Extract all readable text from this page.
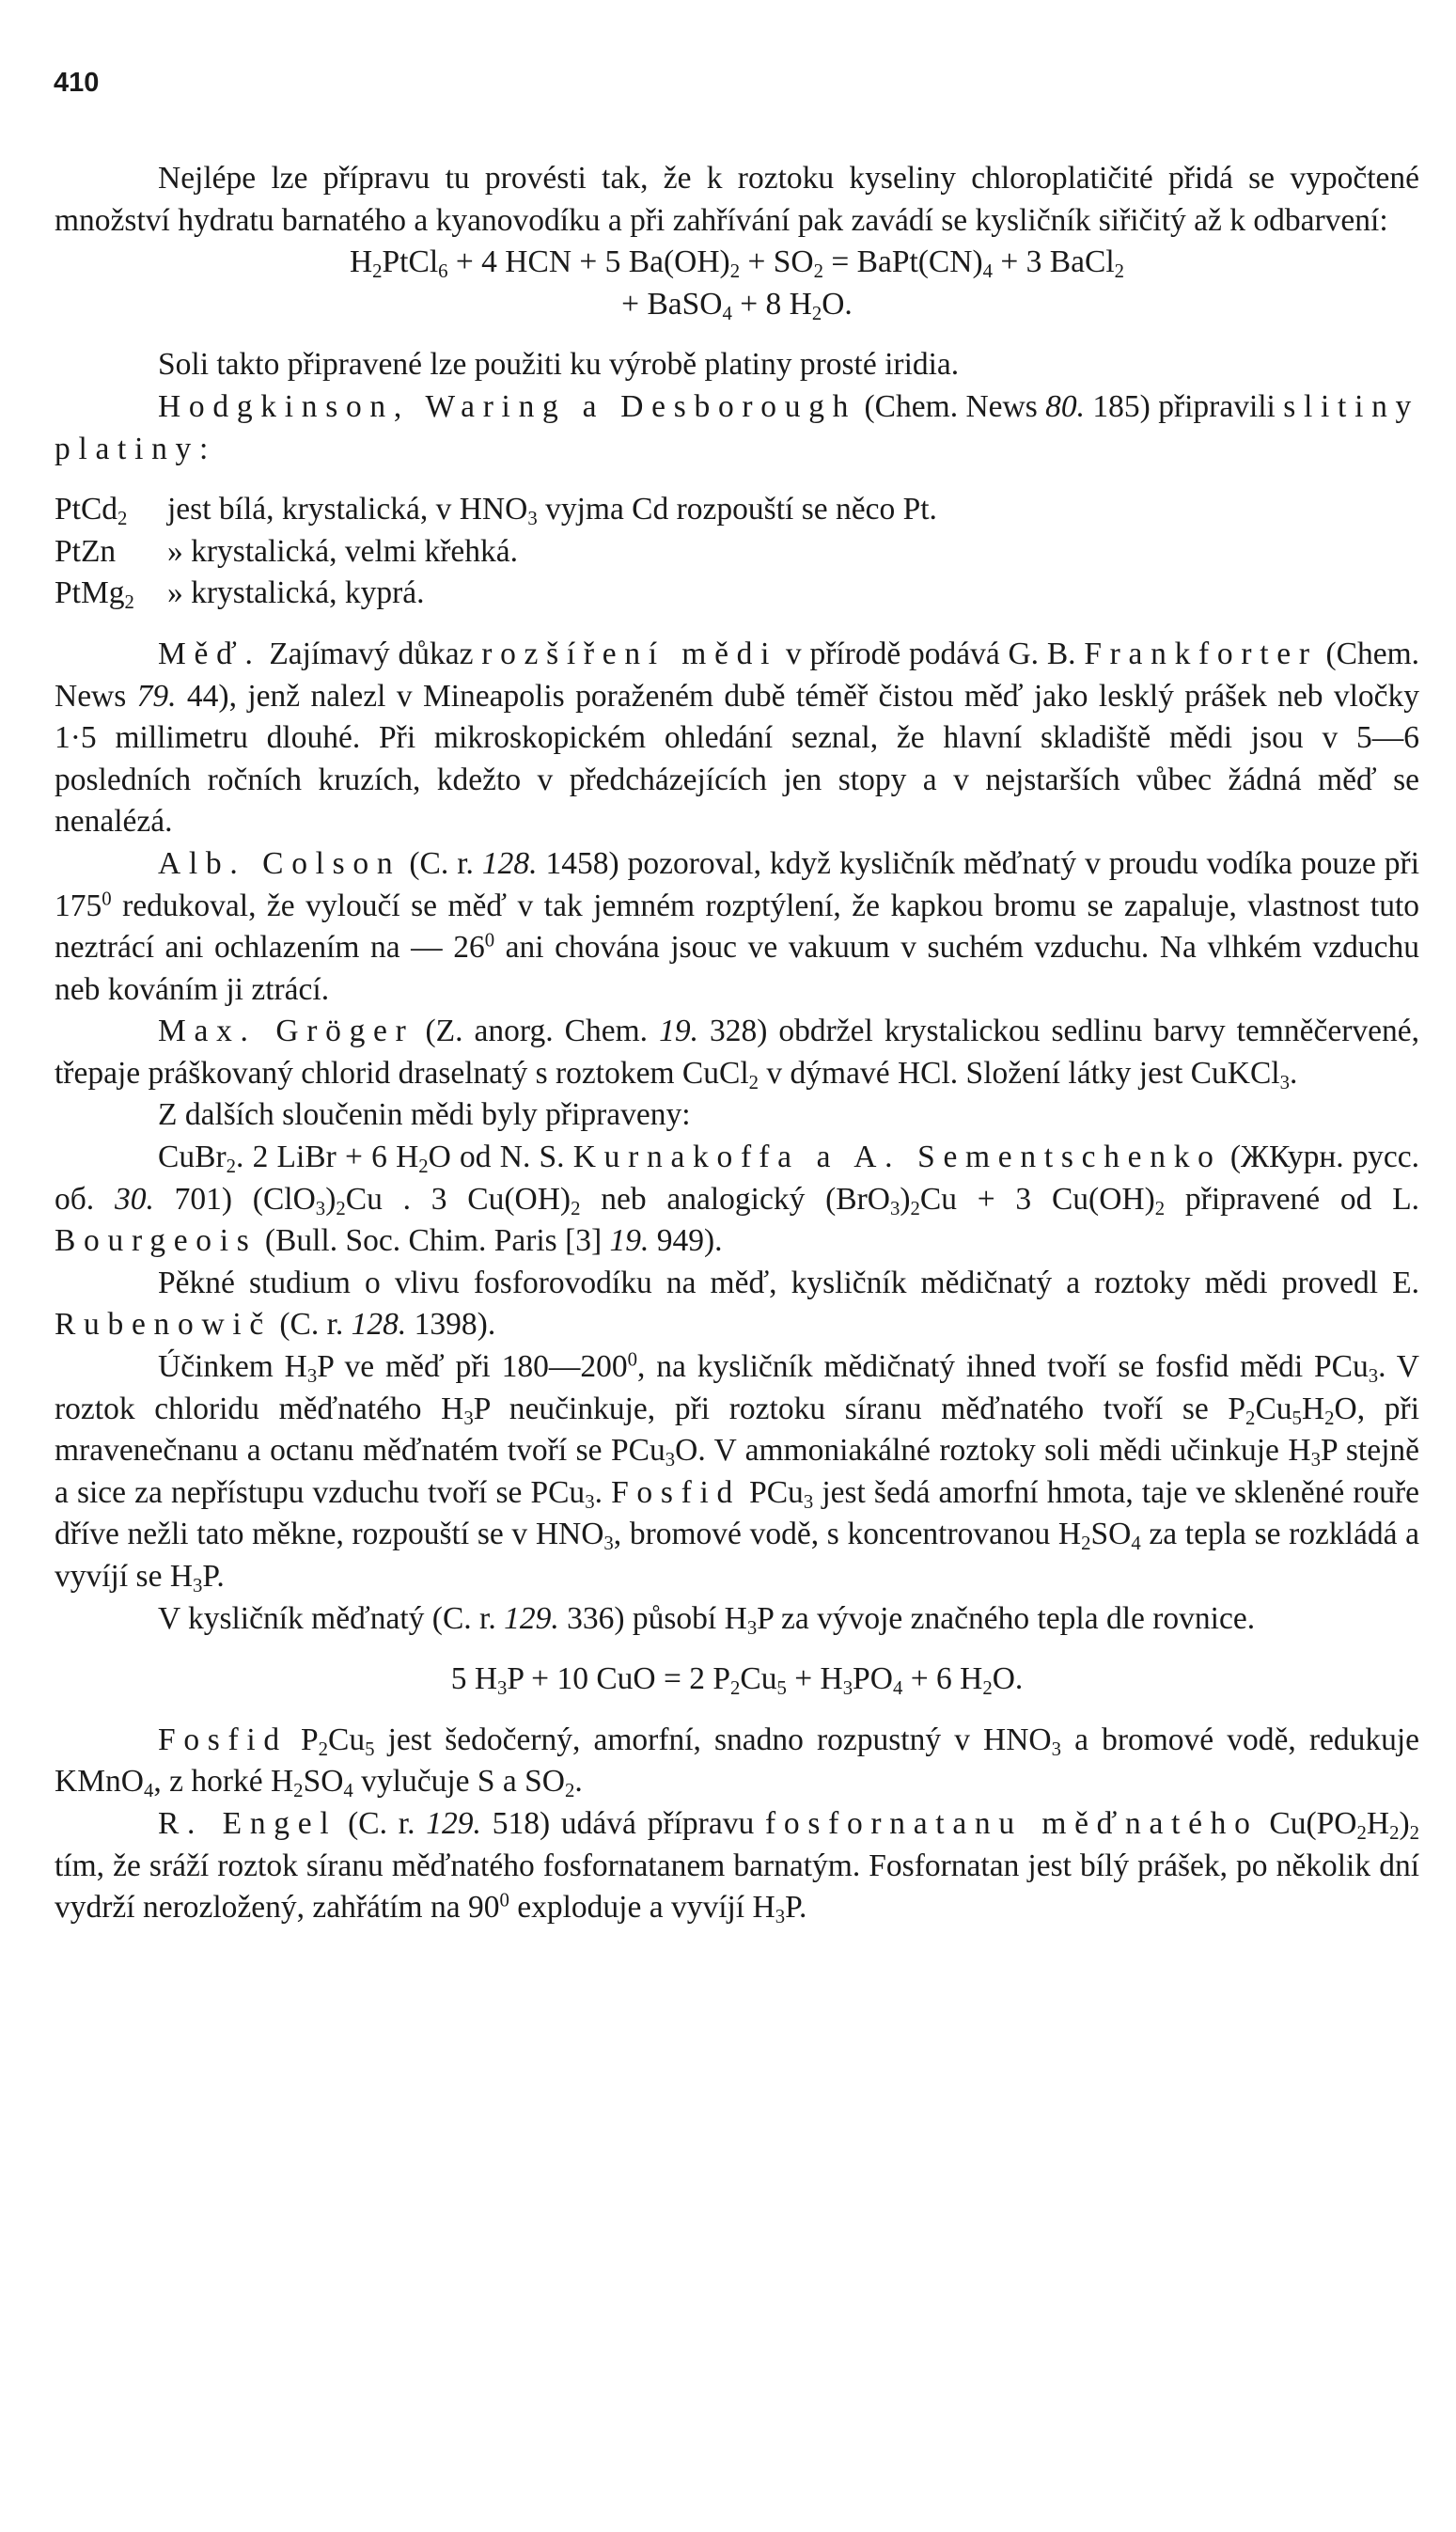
410

Nejlépe lze přípravu tu provésti tak, že k roztoku kyseliny chloroplatičité přidá se vypočtené množství hydratu barnatého a kyanovodíku a při zahřívání pak zavádí se kysličník siřičitý až k odbarvení:

$H_2PtCl_6 + 4$ HCN + 5 $Ba(OH)_2 + SO_2$ = $BaPt(CN)_4 + 3$ BaCl$_2$
+ BaSO$_4$ + 8 $H_2O$.

Soli takto připravené lze použiti ku výrobě platiny prosté iridia.

Hodgkinson, Waring a Desborough (Chem. News 80. 185) připravili slitiny platiny:

PtCd$_2$	jest bílá, krystalická, v $HNO_3$ vyjma Cd rozpouští se něco Pt.
PtZn	» krystalická, velmi křehká.
PtMg$_2$	» krystalická, kyprá.

Měď. Zajímavý důkaz rozšíření mědi v přírodě podává G. B. Frankforter (Chem. News 79. 44), jenž nalezl v Mineapolis poraženém dubě téměř čistou měď jako lesklý prášek neb vločky 1·5 millimetru dlouhé. Při mikroskopickém ohledání seznal, že hlavní skladiště mědi jsou v 5—6 posledních ročních kruzích, kdežto v předcházejících jen stopy a v nejstarších vůbec žádná měď se nenalézá.

Alb. Colson (C. r. 128. 1458) pozoroval, když kysličník měďnatý v proudu vodíka pouze při $175^0$ redukoval, že vyloučí se měď v tak jemném rozptýlení, že kapkou bromu se zapaluje, vlastnost tuto neztrácí ani ochlazením na — $26^0$ ani chována jsouc ve vakuum v suchém vzduchu. Na vlhkém vzduchu neb kováním ji ztrácí.

Max. Gröger (Z. anorg. Chem. 19. 328) obdržel krystalickou sedlinu barvy temněčervené, třepaje práškovaný chlorid draselnatý s roztokem CuCl$_2$ v dýmavé HCl. Složení látky jest CuKCl$_3$.

Z dalších sloučenin mědi byly připraveny:

CuBr$_2$. 2 LiBr + 6 $H_2O$ od N. S. Kurnakoffa a A. Sementschenko (ЖКурн. русс. об. 30. 701) $(ClO_3)_2Cu$ . 3 $Cu(OH)_2$ neb analogický $(BrO_3)_2Cu + 3$ $Cu(OH)_2$ připravené od L. Bourgeois (Bull. Soc. Chim. Paris [3] 19. 949).

Pěkné studium o vlivu fosforovodíku na měď, kysličník mědičnatý a roztoky mědi provedl E. Rubenowič (C. r. 128. 1398).

Účinkem $H_3P$ ve měď při $180—200^0$, na kysličník mědičnatý ihned tvoří se fosfid mědi PCu$_3$. V roztok chloridu měďnatého $H_3P$ neučinkuje, při roztoku síranu měďnatého tvoří se $P_2Cu_5H_2O$, při mravenečnanu a octanu měďnatém tvoří se PCu$_3$O. V ammoniakálné roztoky soli mědi učinkuje $H_3P$ stejně a sice za nepřístupu vzduchu tvoří se PCu$_3$. Fosfid PCu$_3$ jest šedá amorfní hmota, taje ve skleněné rouře dříve nežli tato měkne, rozpouští se v $HNO_3$, bromové vodě, s koncentrovanou $H_2SO_4$ za tepla se rozkládá a vyvíjí se $H_3P$.

V kysličník měďnatý (C. r. 129. 336) působí $H_3P$ za vývoje značného tepla dle rovnice.

5 $H_3P + 10$ CuO = 2 $P_2Cu_5 + H_3PO_4 + 6$ $H_2O$.

Fosfid $P_2Cu_5$ jest šedočerný, amorfní, snadno rozpustný v $HNO_3$ a bromové vodě, redukuje KMnO$_4$, z horké $H_2SO_4$ vylučuje S a $SO_2$.

R. Engel (C. r. 129. 518) udává přípravu fosfornatanu měďnatého $Cu(PO_2H_2)_2$ tím, že sráží roztok síranu měďnatého fosfornatanem barnatým. Fosfornatan jest bílý prášek, po několik dní vydrží nerozložený, zahřátím na $90^0$ exploduje a vyvíjí $H_3P$.
